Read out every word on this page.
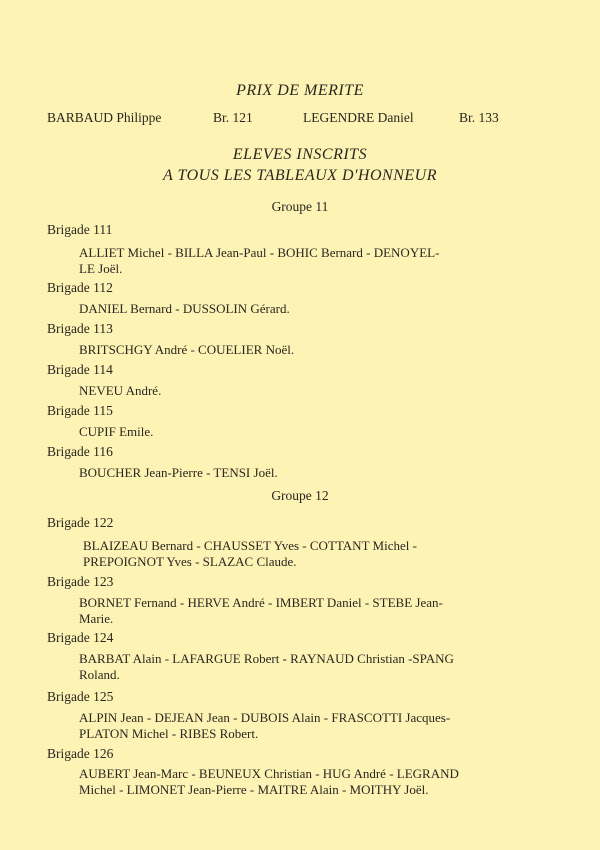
PRIX DE MERITE
BARBAUD Philippe	Br. 121	LEGENDRE Daniel	Br. 133
ELEVES INSCRITS
A TOUS LES TABLEAUX D'HONNEUR
Groupe 11
Brigade 111
ALLIET Michel - BILLA Jean-Paul - BOHIC Bernard - DENOYEL-
LE Joël.
Brigade 112
DANIEL Bernard - DUSSOLIN Gérard.
Brigade 113
BRITSCHGY André - COUELIER Noël.
Brigade 114
NEVEU André.
Brigade 115
CUPIF Emile.
Brigade 116
BOUCHER Jean-Pierre - TENSI Joël.
Groupe 12
Brigade 122
BLAIZEAU Bernard - CHAUSSET Yves - COTTANT Michel -
PREPOIGNOT Yves - SLAZAC Claude.
Brigade 123
BORNET Fernand - HERVE André - IMBERT Daniel - STEBE Jean-
Marie.
Brigade 124
BARBAT Alain - LAFARGUE Robert - RAYNAUD Christian -SPANG
Roland.
Brigade 125
ALPIN Jean - DEJEAN Jean - DUBOIS Alain - FRASCOTTI Jacques-
PLATON Michel - RIBES Robert.
Brigade 126
AUBERT Jean-Marc - BEUNEUX Christian - HUG André - LEGRAND
Michel - LIMONET Jean-Pierre - MAITRE Alain - MOITHY Joël.
